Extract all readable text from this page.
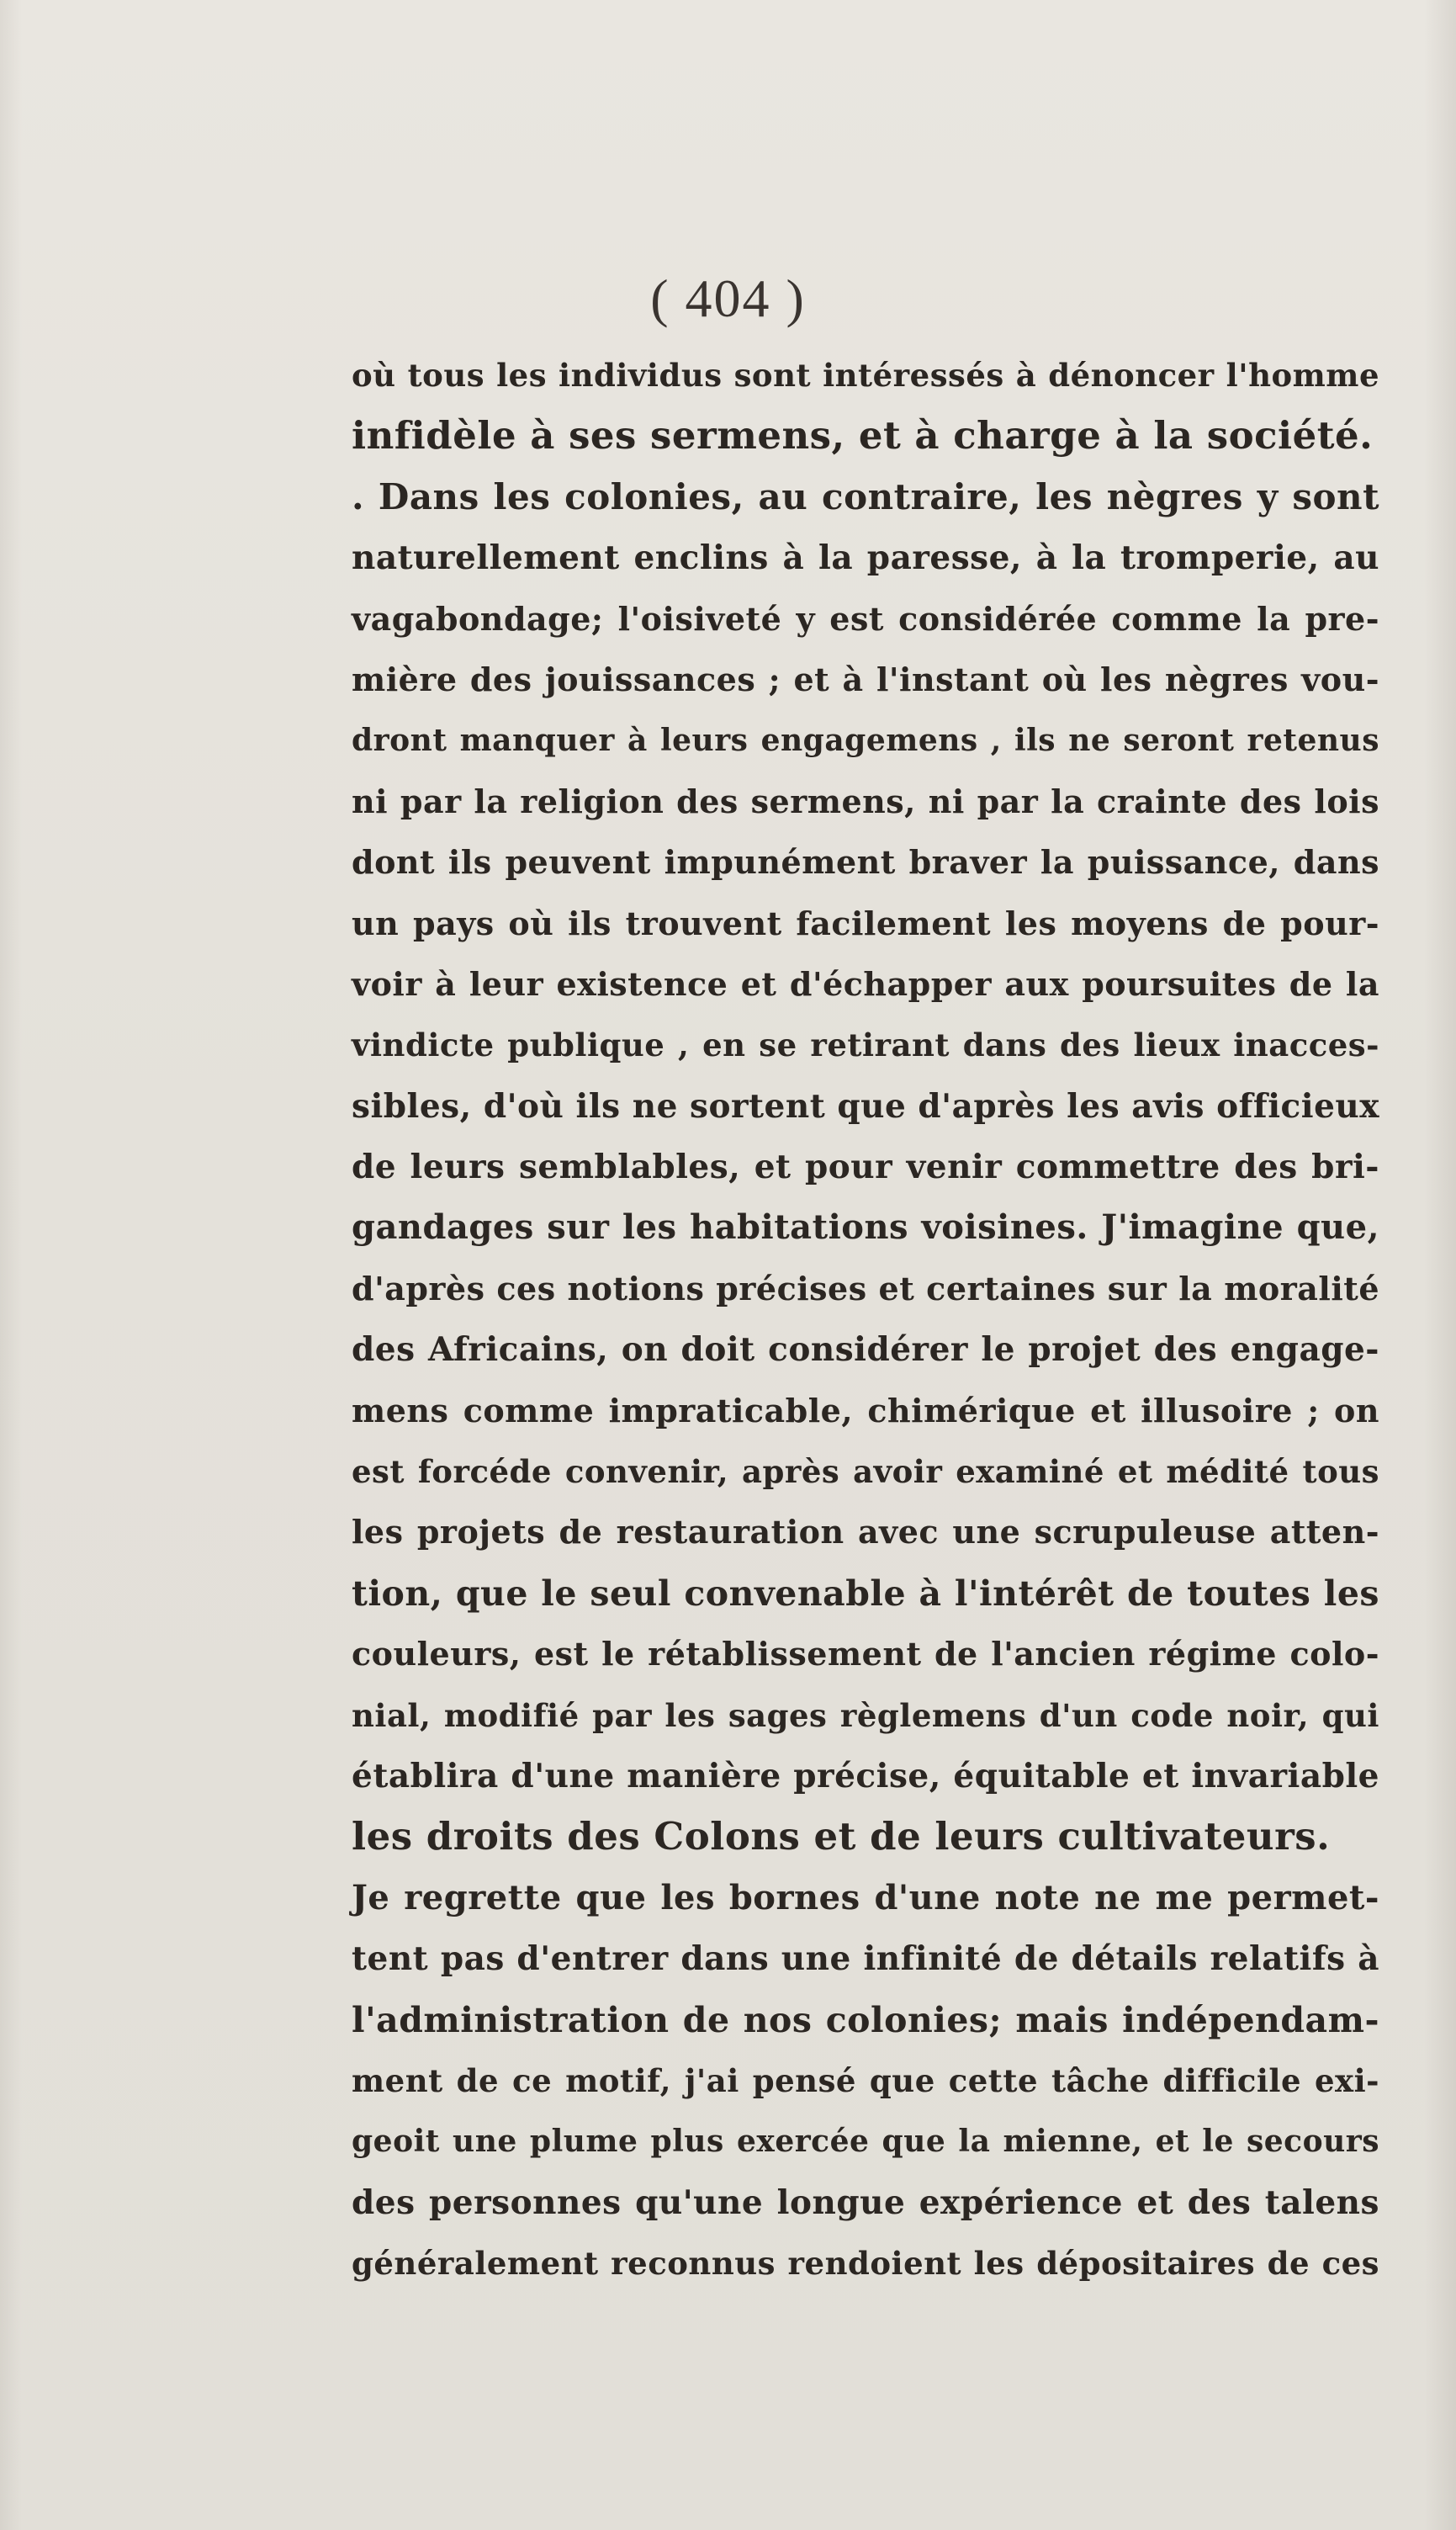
( 404 )
où tous les individus sont intéressés à dénoncer l'homme
infidèle à ses sermens, et à charge à la société.
. Dans les colonies, au contraire, les nègres y sont
naturellement enclins à la paresse, à la tromperie, au
vagabondage; l'oisiveté y est considérée comme la pre-
mière des jouissances ; et à l'instant où les nègres vou-
dront manquer à leurs engagemens , ils ne seront retenus
ni par la religion des sermens, ni par la crainte des lois
dont ils peuvent impunément braver la puissance, dans
un pays où ils trouvent facilement les moyens de pour-
voir à leur existence et d'échapper aux poursuites de la
vindicte publique , en se retirant dans des lieux inacces-
sibles, d'où ils ne sortent que d'après les avis officieux
de leurs semblables, et pour venir commettre des bri-
gandages sur les habitations voisines. J'imagine que,
d'après ces notions précises et certaines sur la moralité
des Africains, on doit considérer le projet des engage-
mens comme impraticable, chimérique et illusoire ; on
est forcéde convenir, après avoir examiné et médité tous
les projets de restauration avec une scrupuleuse atten-
tion, que le seul convenable à l'intérêt de toutes les
couleurs, est le rétablissement de l'ancien régime colo-
nial, modifié par les sages règlemens d'un code noir, qui
établira d'une manière précise, équitable et invariable
les droits des Colons et de leurs cultivateurs.
Je regrette que les bornes d'une note ne me permet-
tent pas d'entrer dans une infinité de détails relatifs à
l'administration de nos colonies; mais indépendam-
ment de ce motif, j'ai pensé que cette tâche difficile exi-
geoit une plume plus exercée que la mienne, et le secours
des personnes qu'une longue expérience et des talens
généralement reconnus rendoient les dépositaires de ces
